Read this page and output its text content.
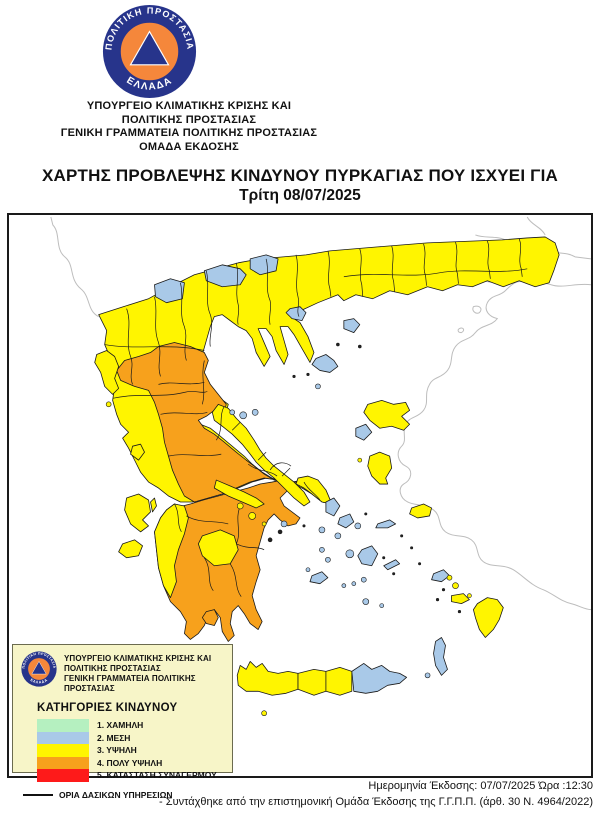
ΥΠΟΥΡΓΕΙΟ ΚΛΙΜΑΤΙΚΗΣ ΚΡΙΣΗΣ ΚΑΙ
ΠΟΛΙΤΙΚΗΣ ΠΡΟΣΤΑΣΙΑΣ
ΓΕΝΙΚΗ ΓΡΑΜΜΑΤΕΙΑ ΠΟΛΙΤΙΚΗΣ ΠΡΟΣΤΑΣΙΑΣ
ΟΜΑΔΑ ΕΚΔΟΣΗΣ
ΧΑΡΤΗΣ ΠΡΟΒΛΕΨΗΣ ΚΙΝΔΥΝΟΥ ΠΥΡΚΑΓΙΑΣ ΠΟΥ ΙΣΧΥΕΙ ΓΙΑ
Τρίτη 08/07/2025
ΥΠΟΥΡΓΕΙΟ ΚΛΙΜΑΤΙΚΗΣ ΚΡΙΣΗΣ ΚΑΙ
ΠΟΛΙΤΙΚΗΣ ΠΡΟΣΤΑΣΙΑΣ
ΓΕΝΙΚΗ ΓΡΑΜΜΑΤΕΙΑ ΠΟΛΙΤΙΚΗΣ ΠΡΟΣΤΑΣΙΑΣ
ΚΑΤΗΓΟΡΙΕΣ ΚΙΝΔΥΝΟΥ
1. ΧΑΜΗΛΗ
2. ΜΕΣΗ
3. ΥΨΗΛΗ
4. ΠΟΛΥ ΥΨΗΛΗ
5. ΚΑΤΑΣΤΑΣΗ ΣΥΝΑΓΕΡΜΟΥ
ΟΡΙΑ ΔΑΣΙΚΩΝ ΥΠΗΡΕΣΙΩΝ
Ημερομηνία Έκδοσης: 07/07/2025 Ώρα :12:30
- Συντάχθηκε από την επιστημονική Ομάδα Έκδοσης της Γ.Γ.Π.Π. (άρθ. 30 Ν. 4964/2022)
